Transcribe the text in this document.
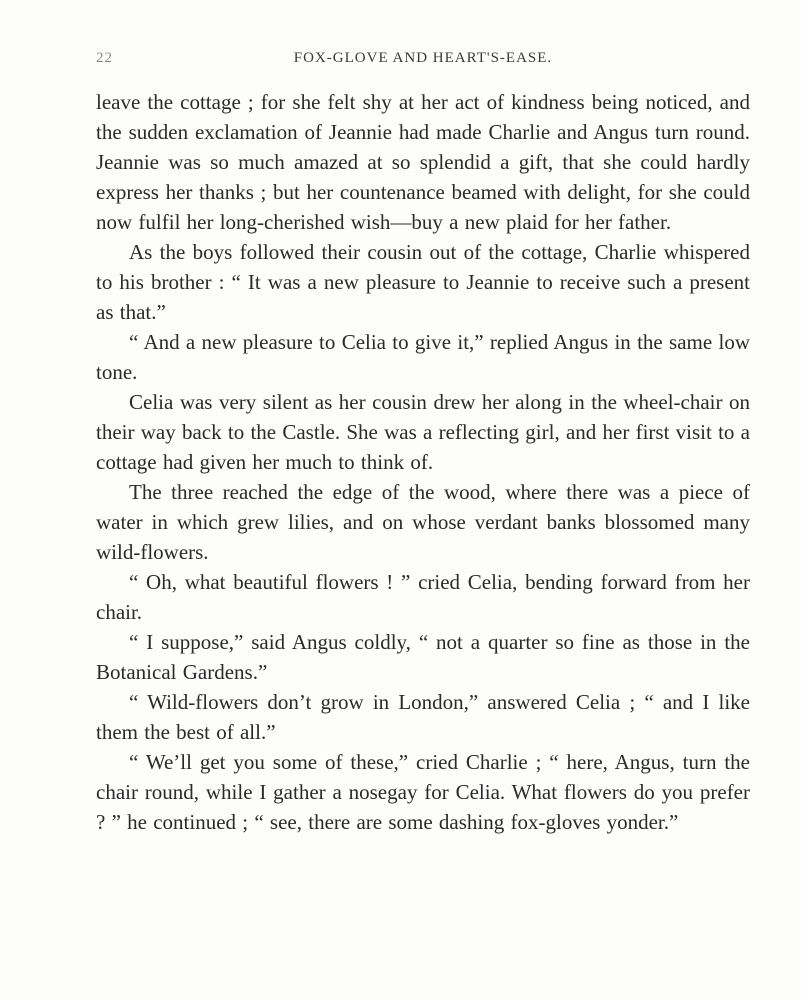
22	FOX-GLOVE AND HEART'S-EASE.

leave the cottage ; for she felt shy at her act of kindness being noticed, and the sudden exclamation of Jeannie had made Charlie and Angus turn round. Jeannie was so much amazed at so splendid a gift, that she could hardly express her thanks ; but her countenance beamed with delight, for she could now fulfil her long-cherished wish—buy a new plaid for her father.

As the boys followed their cousin out of the cottage, Charlie whispered to his brother : “ It was a new pleasure to Jeannie to receive such a present as that.”

“ And a new pleasure to Celia to give it,” replied Angus in the same low tone.

Celia was very silent as her cousin drew her along in the wheel-chair on their way back to the Castle. She was a reflecting girl, and her first visit to a cottage had given her much to think of.

The three reached the edge of the wood, where there was a piece of water in which grew lilies, and on whose verdant banks blossomed many wild-flowers.

“ Oh, what beautiful flowers ! ” cried Celia, bending forward from her chair.

“ I suppose,” said Angus coldly, “ not a quarter so fine as those in the Botanical Gardens.”

“ Wild-flowers don’t grow in London,” answered Celia ; “ and I like them the best of all.”

“ We’ll get you some of these,” cried Charlie ; “ here, Angus, turn the chair round, while I gather a nosegay for Celia. What flowers do you prefer ? ” he continued ; “ see, there are some dashing fox-gloves yonder.”
